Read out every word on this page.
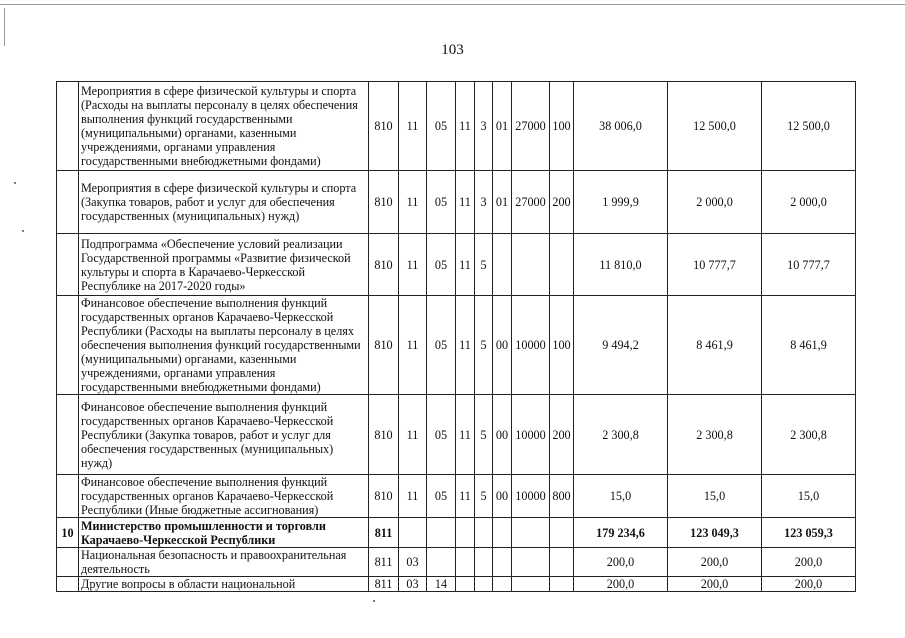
103
	Мероприятия в сфере физической культуры и спорта (Расходы на выплаты персоналу в целях обеспечения выполнения функций государственными (муниципальными) органами, казенными учреждениями, органами управления государственными внебюджетными фондами)	810	11	05	11	3	01	27000	100	38 006,0	12 500,0	12 500,0
	Мероприятия в сфере физической культуры и спорта (Закупка товаров, работ и услуг для обеспечения государственных (муниципальных) нужд)	810	11	05	11	3	01	27000	200	1 999,9	2 000,0	2 000,0
	Подпрограмма «Обеспечение условий реализации Государственной программы «Развитие физической культуры и спорта в Карачаево-Черкесской Республике на 2017-2020 годы»	810	11	05	11	5				11 810,0	10 777,7	10 777,7
	Финансовое обеспечение выполнения функций государственных органов Карачаево-Черкесской Республики (Расходы на выплаты персоналу в целях обеспечения выполнения функций государственными (муниципальными) органами, казенными учреждениями, органами управления государственными внебюджетными фондами)	810	11	05	11	5	00	10000	100	9 494,2	8 461,9	8 461,9
	Финансовое обеспечение выполнения функций государственных органов Карачаево-Черкесской Республики (Закупка товаров, работ и услуг для обеспечения государственных (муниципальных) нужд)	810	11	05	11	5	00	10000	200	2 300,8	2 300,8	2 300,8
	Финансовое обеспечение выполнения функций государственных органов Карачаево-Черкесской Республики (Иные бюджетные ассигнования)	810	11	05	11	5	00	10000	800	15,0	15,0	15,0
10	Министерство промышленности и торговли Карачаево-Черкесской Республики	811								179 234,6	123 049,3	123 059,3
	Национальная безопасность и правоохранительная деятельность	811	03							200,0	200,0	200,0
	Другие вопросы в области национальной	811	03	14						200,0	200,0	200,0
